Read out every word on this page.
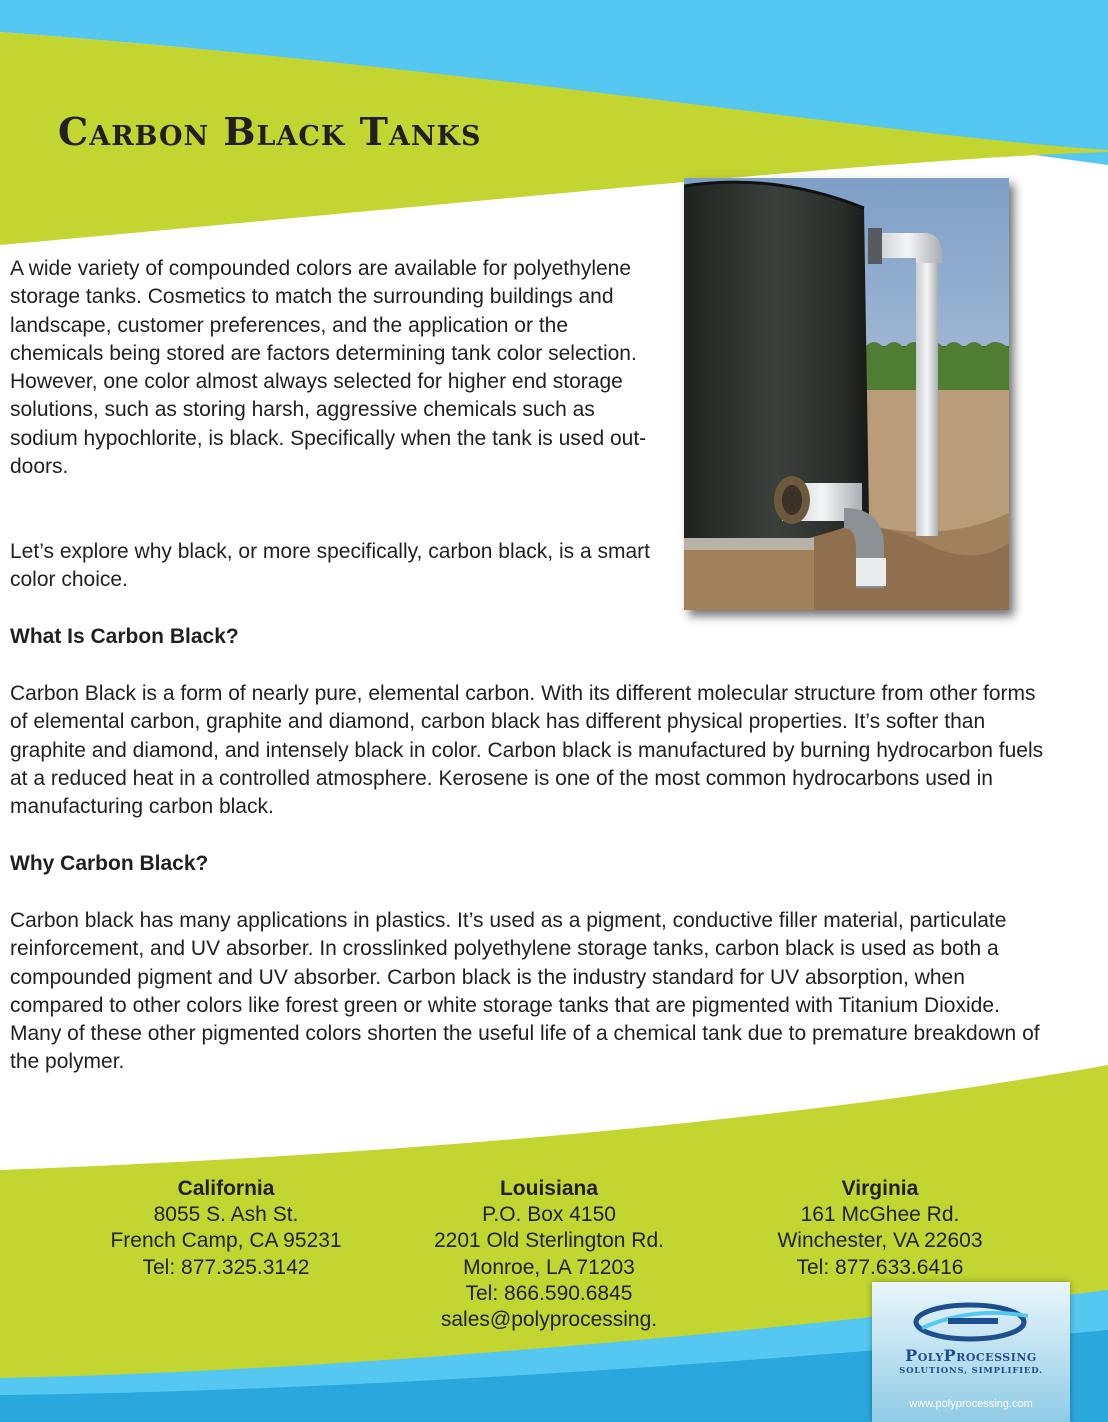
Carbon Black Tanks

A wide variety of compounded colors are available for polyethylene storage tanks. Cosmetics to match the surrounding buildings and landscape, customer preferences, and the application or the chemicals being stored are factors determining tank color selection. However, one color almost always selected for higher end storage solutions, such as storing harsh, aggressive chemicals such as sodium hypochlorite, is black. Specifically when the tank is used out-doors.

Let’s explore why black, or more specifically, carbon black, is a smart color choice.

What Is Carbon Black?

Carbon Black is a form of nearly pure, elemental carbon. With its different molecular structure from other forms of elemental carbon, graphite and diamond, carbon black has different physical properties. It’s softer than graphite and diamond, and intensely black in color. Carbon black is manufactured by burning hydrocarbon fuels at a reduced heat in a controlled atmosphere. Kerosene is one of the most common hydrocarbons used in manufacturing carbon black.

Why Carbon Black?

Carbon black has many applications in plastics. It’s used as a pigment, conductive filler material, particulate reinforcement, and UV absorber. In crosslinked polyethylene storage tanks, carbon black is used as both a compounded pigment and UV absorber. Carbon black is the industry standard for UV absorption, when compared to other colors like forest green or white storage tanks that are pigmented with Titanium Dioxide. Many of these other pigmented colors shorten the useful life of a chemical tank due to premature breakdown of the polymer.

California
8055 S. Ash St.
French Camp, CA 95231
Tel: 877.325.3142
Louisiana
P.O. Box 4150
2201 Old Sterlington Rd.
Monroe, LA 71203
Tel: 866.590.6845
sales@polyprocessing.
Virginia
161 McGhee Rd.
Winchester, VA 22603
Tel: 877.633.6416
PolyProcessing
SOLUTIONS, SIMPLIFIED.
www.polyprocessing.com
